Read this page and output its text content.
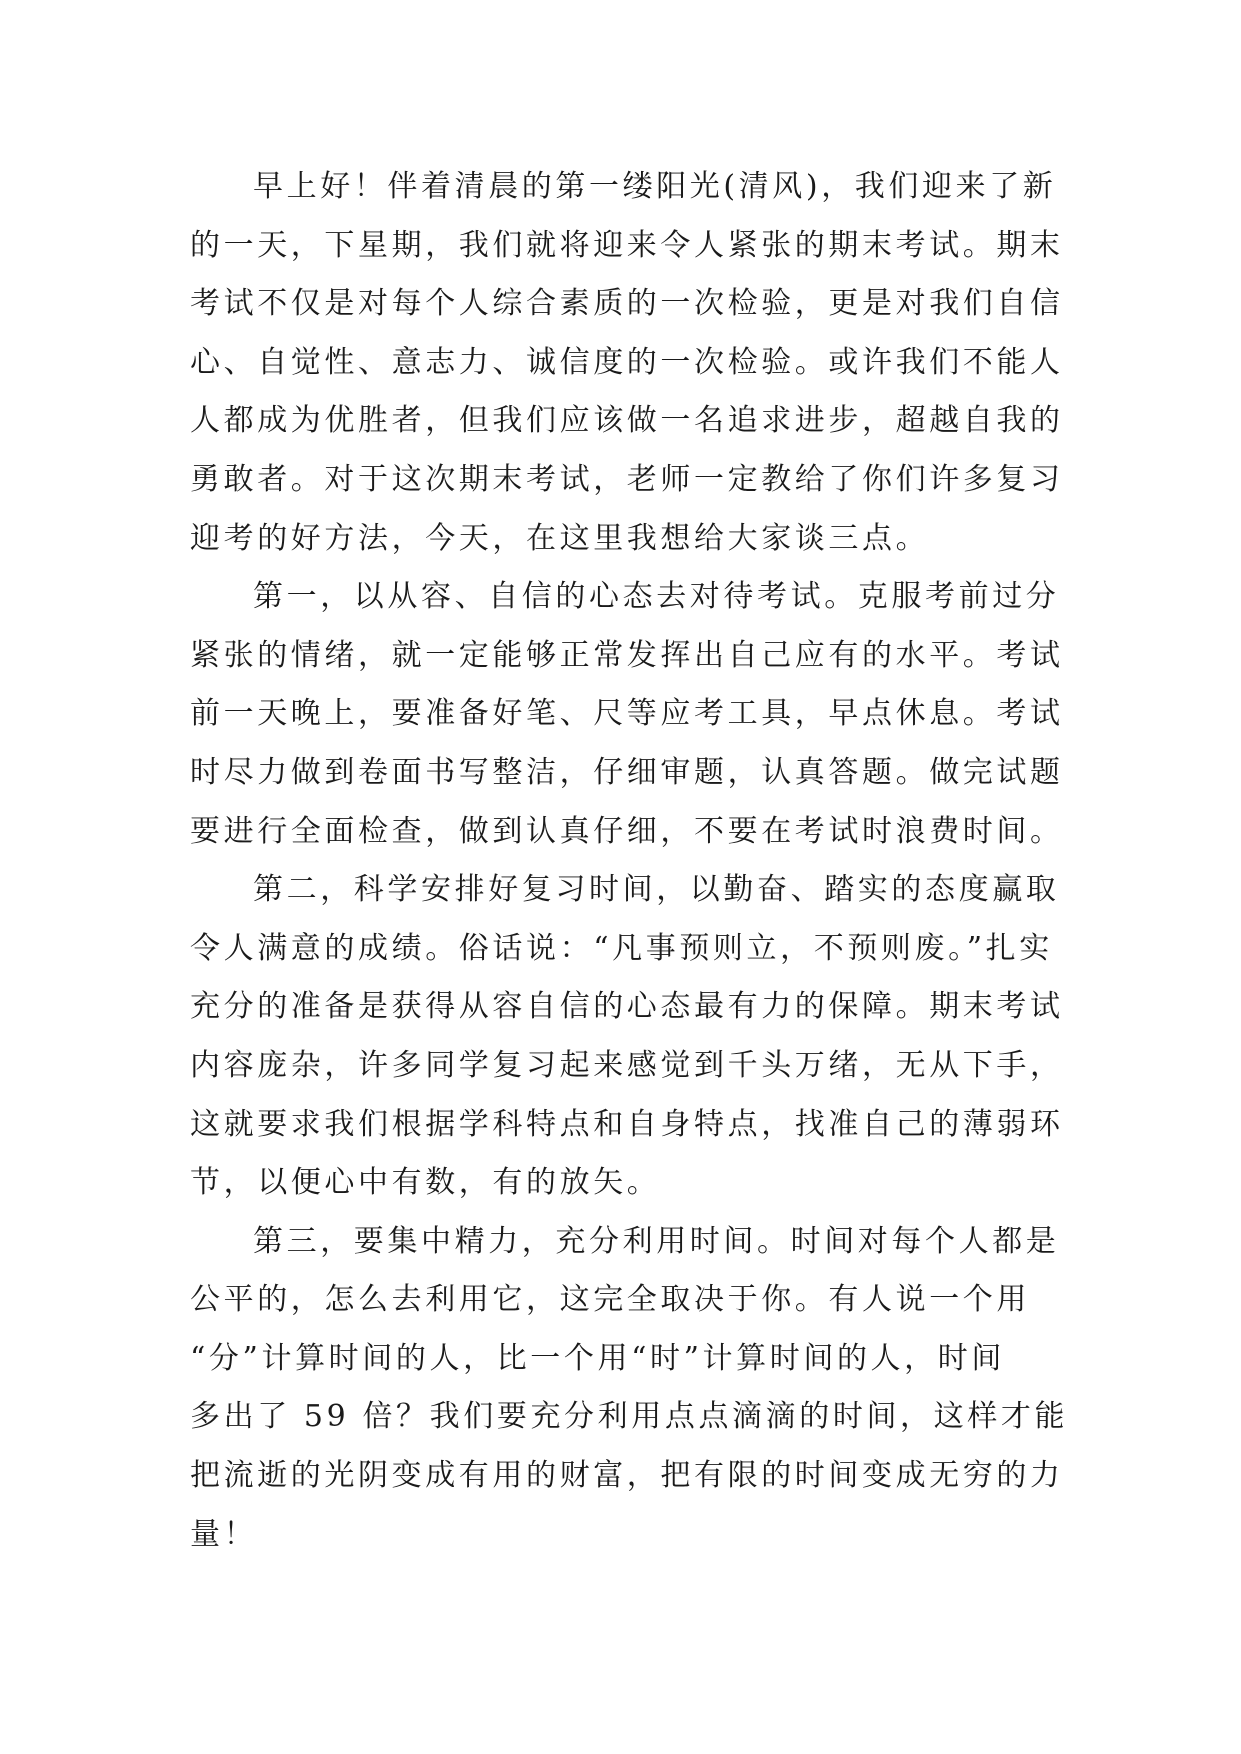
早上好！伴着清晨的第一缕阳光(清风)，我们迎来了新
的一天，下星期，我们就将迎来令人紧张的期末考试。期末
考试不仅是对每个人综合素质的一次检验，更是对我们自信
心、自觉性、意志力、诚信度的一次检验。或许我们不能人
人都成为优胜者，但我们应该做一名追求进步，超越自我的
勇敢者。对于这次期末考试，老师一定教给了你们许多复习
迎考的好方法，今天，在这里我想给大家谈三点。
第一，以从容、自信的心态去对待考试。克服考前过分
紧张的情绪，就一定能够正常发挥出自己应有的水平。考试
前一天晚上，要准备好笔、尺等应考工具，早点休息。考试
时尽力做到卷面书写整洁，仔细审题，认真答题。做完试题
要进行全面检查，做到认真仔细，不要在考试时浪费时间。
第二，科学安排好复习时间，以勤奋、踏实的态度赢取
令人满意的成绩。俗话说：“凡事预则立，不预则废。”扎实
充分的准备是获得从容自信的心态最有力的保障。期末考试
内容庞杂，许多同学复习起来感觉到千头万绪，无从下手，
这就要求我们根据学科特点和自身特点，找准自己的薄弱环
节，以便心中有数，有的放矢。
第三，要集中精力，充分利用时间。时间对每个人都是
公平的，怎么去利用它，这完全取决于你。有人说一个用
“分”计算时间的人，比一个用“时”计算时间的人，时间
多出了 59 倍？我们要充分利用点点滴滴的时间，这样才能
把流逝的光阴变成有用的财富，把有限的时间变成无穷的力
量！
